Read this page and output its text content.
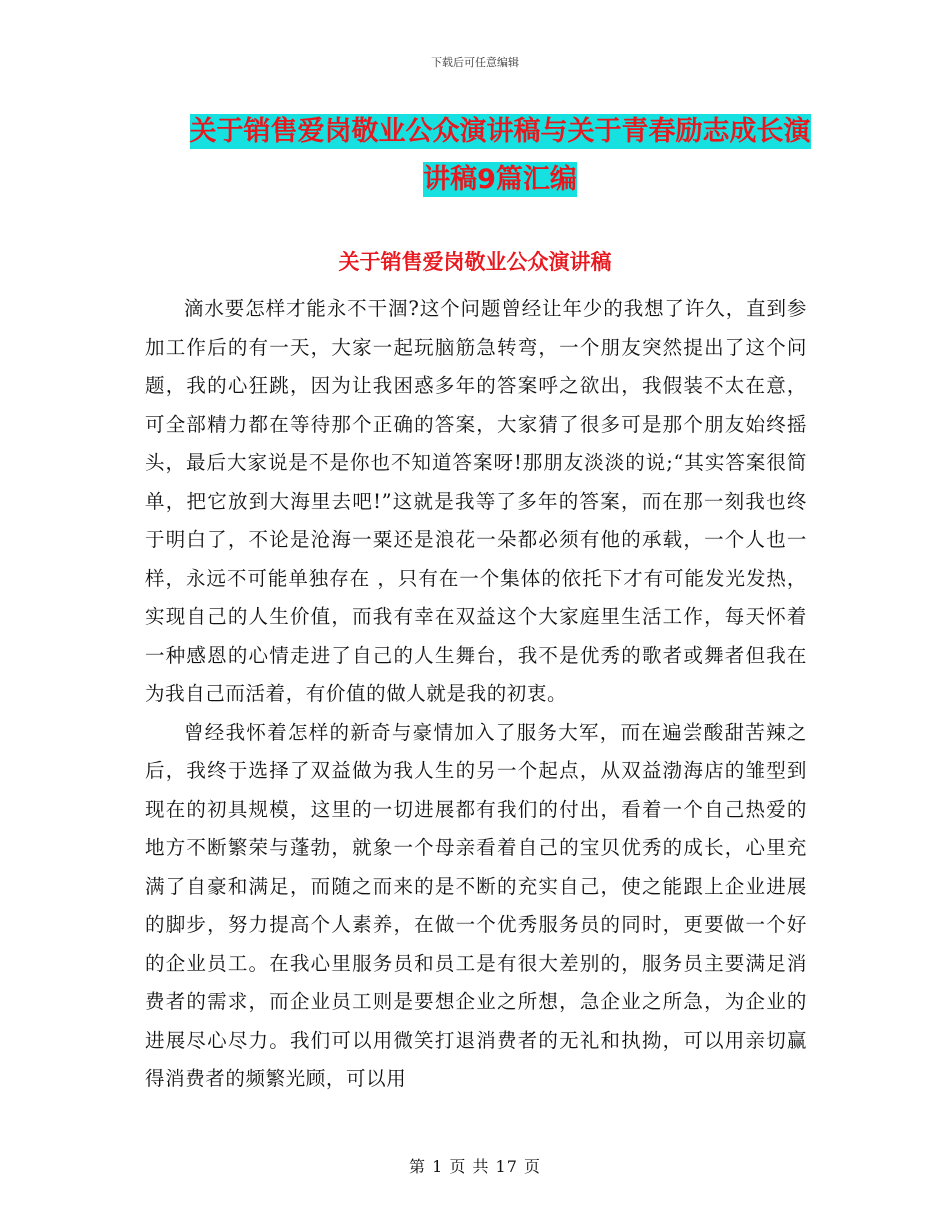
下载后可任意编辑
关于销售爱岗敬业公众演讲稿与关于青春励志成长演
讲稿9篇汇编
关于销售爱岗敬业公众演讲稿

滴水要怎样才能永不干涸?这个问题曾经让年少的我想了许久，直到参加工作后的有一天，大家一起玩脑筋急转弯，一个朋友突然提出了这个问题，我的心狂跳，因为让我困惑多年的答案呼之欲出，我假装不太在意，可全部精力都在等待那个正确的答案，大家猜了很多可是那个朋友始终摇头，最后大家说是不是你也不知道答案呀!那朋友淡淡的说;“其实答案很简单，把它放到大海里去吧!”这就是我等了多年的答案，而在那一刻我也终于明白了，不论是沧海一粟还是浪花一朵都必须有他的承载，一个人也一样，永远不可能单独存在 ，只有在一个集体的依托下才有可能发光发热，实现自己的人生价值，而我有幸在双益这个大家庭里生活工作，每天怀着一种感恩的心情走进了自己的人生舞台，我不是优秀的歌者或舞者但我在为我自己而活着，有价值的做人就是我的初衷。

曾经我怀着怎样的新奇与豪情加入了服务大军，而在遍尝酸甜苦辣之后，我终于选择了双益做为我人生的另一个起点，从双益渤海店的雏型到现在的初具规模，这里的一切进展都有我们的付出，看着一个自己热爱的地方不断繁荣与蓬勃，就象一个母亲看着自己的宝贝优秀的成长，心里充满了自豪和满足，而随之而来的是不断的充实自己，使之能跟上企业进展的脚步，努力提高个人素养，在做一个优秀服务员的同时，更要做一个好的企业员工。在我心里服务员和员工是有很大差别的，服务员主要满足消费者的需求，而企业员工则是要想企业之所想，急企业之所急，为企业的进展尽心尽力。我们可以用微笑打退消费者的无礼和执拗，可以用亲切赢得消费者的频繁光顾，可以用

第 1 页 共 17 页
